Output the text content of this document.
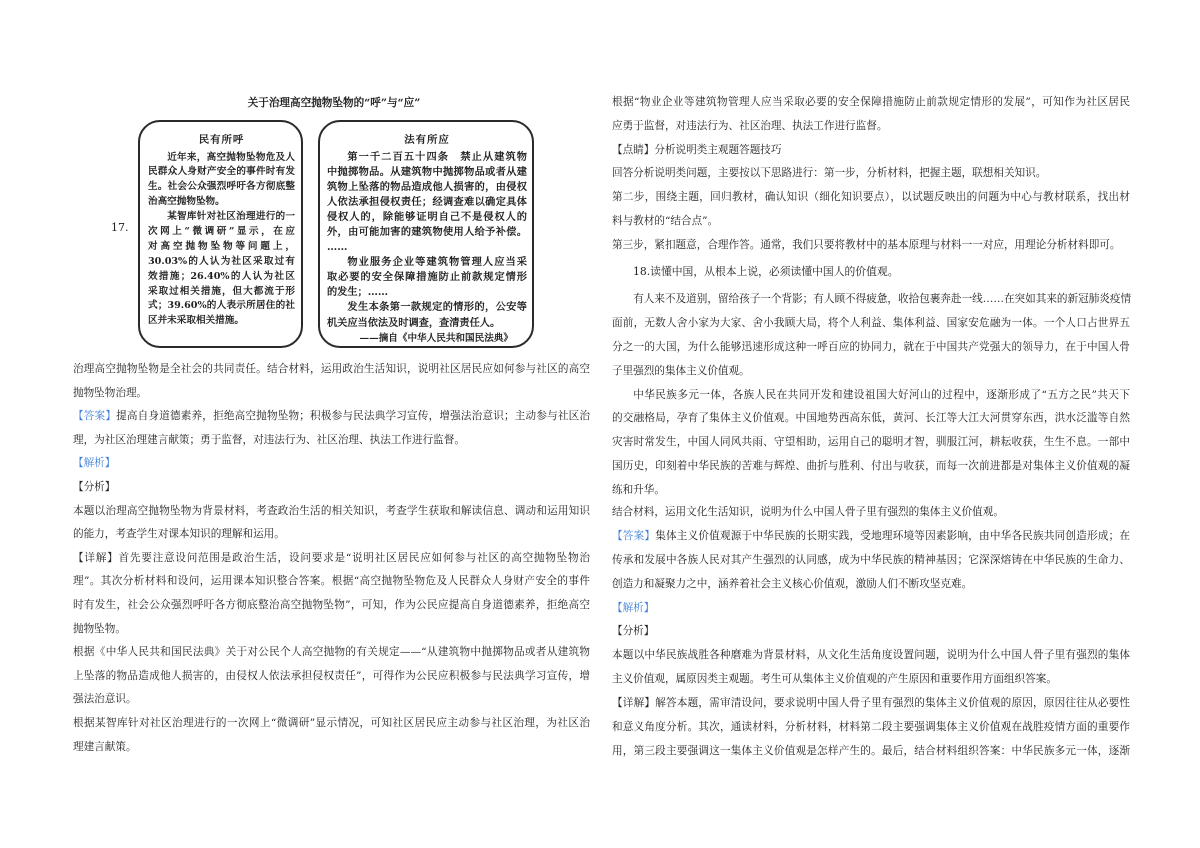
关于治理高空抛物坠物的“呼”与“应”
17.
民有所呼
近年来，高空抛物坠物危及人
民群众人身财产安全的事件时有发
生。社会公众强烈呼吁各方彻底整
治高空抛物坠物。
某智库针对社区治理进行的一
次网上“微调研”显示，在应
对高空抛物坠物等问题上，
30.03%的人认为社区采取过有
效措施；26.40%的人认为社区
采取过相关措施，但大都流于形
式；39.60%的人表示所居住的社
区并未采取相关措施。
法有所应
第一千二百五十四条　禁止从建筑物
中抛掷物品。从建筑物中抛掷物品或者从建
筑物上坠落的物品造成他人损害的，由侵权
人依法承担侵权责任；经调查难以确定具体
侵权人的，除能够证明自己不是侵权人的
外，由可能加害的建筑物使用人给予补偿。
……
物业服务企业等建筑物管理人应当采
取必要的安全保障措施防止前款规定情形
的发生；……
发生本条第一款规定的情形的，公安等
机关应当依法及时调查，查清责任人。
——摘自《中华人民共和国民法典》
治理高空抛物坠物是全社会的共同责任。结合材料，运用政治生活知识，说明社区居民应如何参与社区的高空
抛物坠物治理。
【答案】提高自身道德素养，拒绝高空抛物坠物；积极参与民法典学习宣传，增强法治意识；主动参与社区治
理，为社区治理建言献策；勇于监督，对违法行为、社区治理、执法工作进行监督。
【解析】
【分析】
本题以治理高空抛物坠物为背景材料，考查政治生活的相关知识，考查学生获取和解读信息、调动和运用知识
的能力，考查学生对课本知识的理解和运用。
【详解】首先要注意设问范围是政治生活，设问要求是“说明社区居民应如何参与社区的高空抛物坠物治
理”。其次分析材料和设问，运用课本知识整合答案。根据“高空抛物坠物危及人民群众人身财产安全的事件
时有发生，社会公众强烈呼吁各方彻底整治高空抛物坠物”，可知，作为公民应提高自身道德素养，拒绝高空
抛物坠物。
根据《中华人民共和国民法典》关于对公民个人高空抛物的有关规定——“从建筑物中抛掷物品或者从建筑物
上坠落的物品造成他人损害的，由侵权人依法承担侵权责任”，可得作为公民应积极参与民法典学习宣传，增
强法治意识。
根据某智库针对社区治理进行的一次网上“微调研”显示情况，可知社区居民应主动参与社区治理，为社区治
理建言献策。
根据“物业企业等建筑物管理人应当采取必要的安全保障措施防止前款规定情形的发展”，可知作为社区居民
应勇于监督，对违法行为、社区治理、执法工作进行监督。
【点睛】分析说明类主观题答题技巧
回答分析说明类问题，主要按以下思路进行：第一步，分析材料，把握主题，联想相关知识。
第二步，围绕主题，回归教材，确认知识（细化知识要点），以试题反映出的问题为中心与教材联系，找出材
料与教材的“结合点”。
第三步，紧扣题意，合理作答。通常，我们只要将教材中的基本原理与材料一一对应，用理论分析材料即可。
18.读懂中国，从根本上说，必须读懂中国人的价值观。
有人来不及道别，留给孩子一个背影；有人顾不得疲惫，收拾包裹奔赴一线……在突如其来的新冠肺炎疫情
面前，无数人舍小家为大家、舍小我顾大局，将个人利益、集体利益、国家安危融为一体。一个人口占世界五
分之一的大国，为什么能够迅速形成这种一呼百应的协同力，就在于中国共产党强大的领导力，在于中国人骨
子里强烈的集体主义价值观。
中华民族多元一体，各族人民在共同开发和建设祖国大好河山的过程中，逐渐形成了“五方之民”共天下
的交融格局，孕育了集体主义价值观。中国地势西高东低，黄河、长江等大江大河贯穿东西，洪水泛滥等自然
灾害时常发生，中国人同风共雨、守望相助，运用自己的聪明才智，驯服江河，耕耘收获，生生不息。一部中
国历史，印刻着中华民族的苦难与辉煌、曲折与胜利、付出与收获，而每一次前进都是对集体主义价值观的凝
练和升华。
结合材料，运用文化生活知识，说明为什么中国人骨子里有强烈的集体主义价值观。
【答案】集体主义价值观源于中华民族的长期实践，受地理环境等因素影响，由中华各民族共同创造形成；在
传承和发展中各族人民对其产生强烈的认同感，成为中华民族的精神基因；它深深熔铸在中华民族的生命力、
创造力和凝聚力之中，涵养着社会主义核心价值观，激励人们不断攻坚克难。
【解析】
【分析】
本题以中华民族战胜各种磨难为背景材料，从文化生活角度设置问题，说明为什么中国人骨子里有强烈的集体
主义价值观，属原因类主观题。考生可从集体主义价值观的产生原因和重要作用方面组织答案。
【详解】解答本题，需审清设问，要求说明中国人骨子里有强烈的集体主义价值观的原因，原因往往从必要性
和意义角度分析。其次，通读材料，分析材料，材料第二段主要强调集体主义价值观在战胜疫情方面的重要作
用，第三段主要强调这一集体主义价值观是怎样产生的。最后，结合材料组织答案：中华民族多元一体，逐渐
